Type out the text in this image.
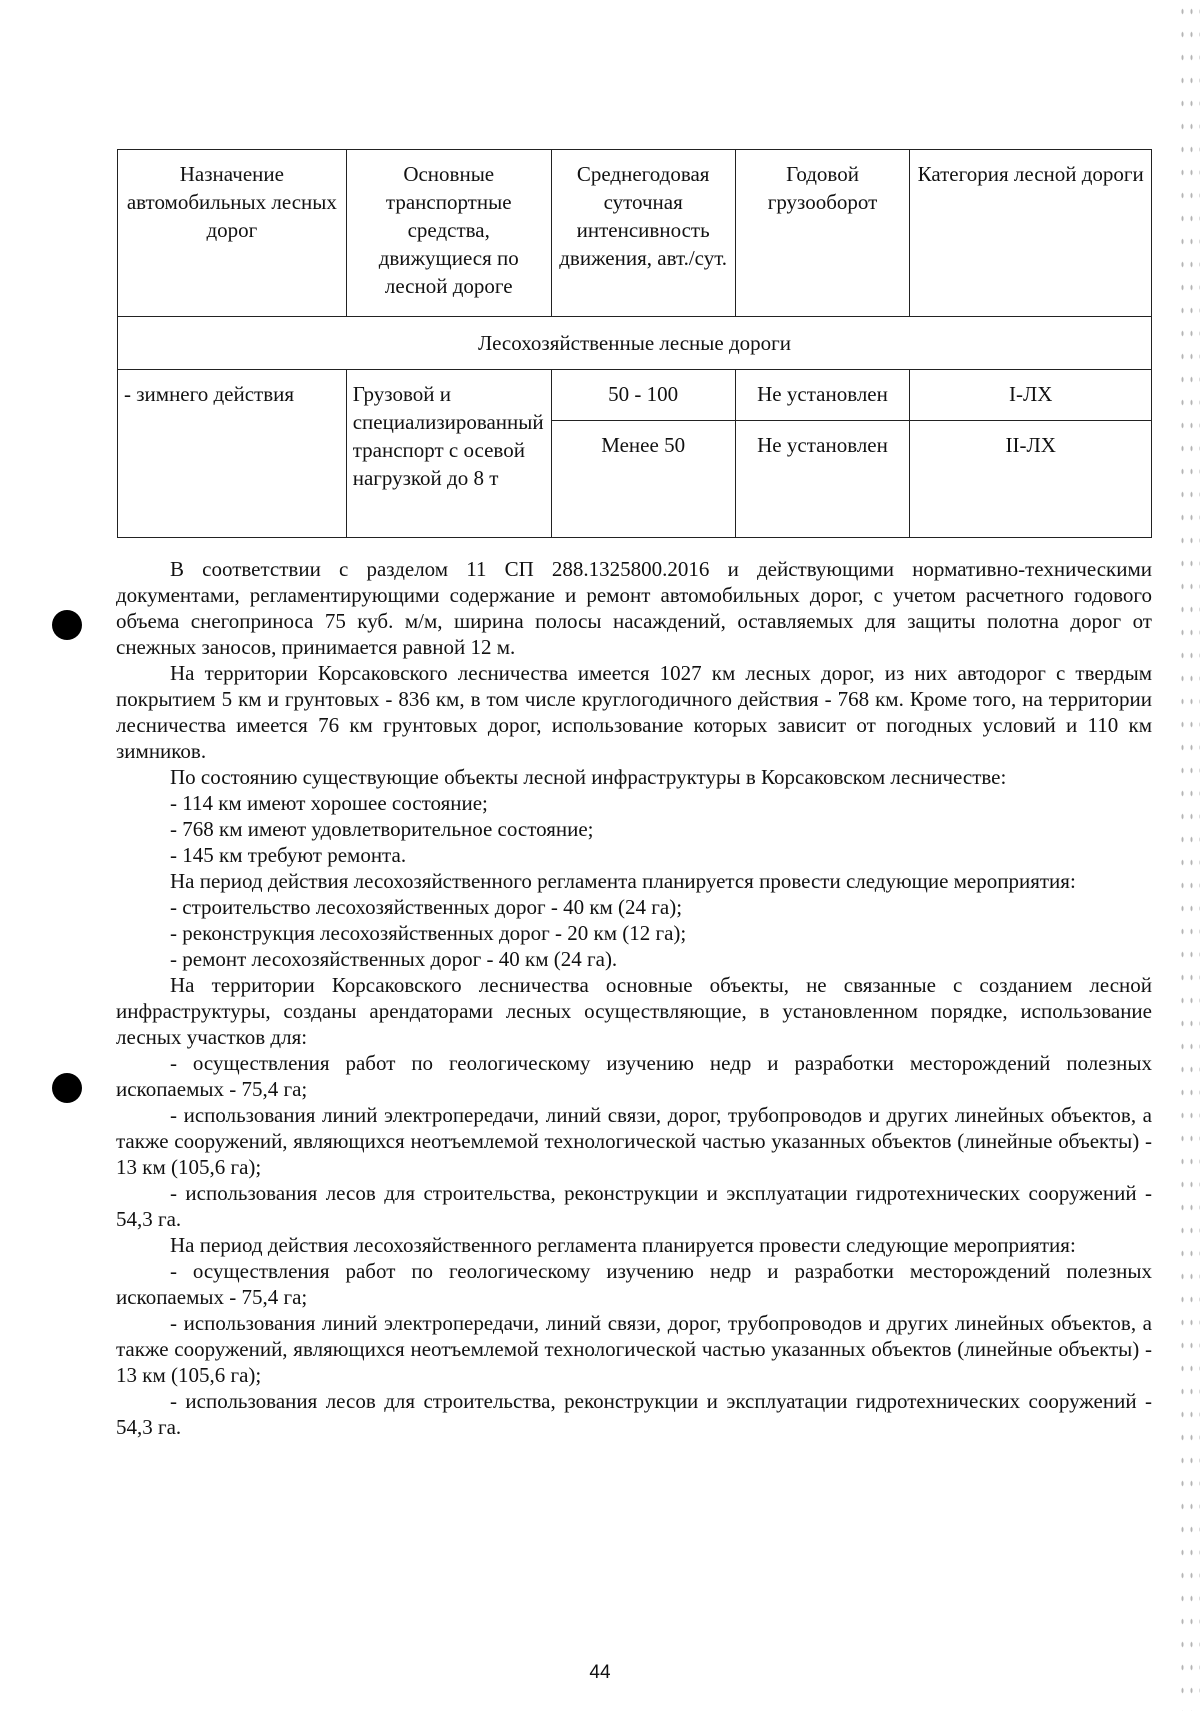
Назначение автомобильных лесных дорог	Основные транспортные средства, движущиеся по лесной дороге	Среднегодовая суточная интенсивность движения, авт./сут.	Годовой грузооборот	Категория лесной дороги
Лесохозяйственные лесные дороги				
- зимнего действия	Грузовой и специализированный транспорт с осевой нагрузкой до 8 т	50 - 100	Не установлен	I-ЛХ
		Менее 50	Не установлен	II-ЛХ

В соответствии с разделом 11 СП 288.1325800.2016 и действующими нормативно-техническими документами, регламентирующими содержание и ремонт автомобильных дорог, с учетом расчетного годового объема снегоприноса 75 куб. м/м, ширина полосы насаждений, оставляемых для защиты полотна дорог от снежных заносов, принимается равной 12 м.

На территории Корсаковского лесничества имеется 1027 км лесных дорог, из них автодорог с твердым покрытием 5 км и грунтовых - 836 км, в том числе круглогодичного действия - 768 км. Кроме того, на территории лесничества имеется 76 км грунтовых дорог, использование которых зависит от погодных условий и 110 км зимников.

По состоянию существующие объекты лесной инфраструктуры в Корсаковском лесничестве:

- 114 км имеют хорошее состояние;

- 768 км имеют удовлетворительное состояние;

- 145 км требуют ремонта.

На период действия лесохозяйственного регламента планируется провести следующие мероприятия:

- строительство лесохозяйственных дорог - 40 км (24 га);

- реконструкция лесохозяйственных дорог - 20 км (12 га);

- ремонт лесохозяйственных дорог - 40 км (24 га).

На территории Корсаковского лесничества основные объекты, не связанные с созданием лесной инфраструктуры, созданы арендаторами лесных осуществляющие, в установленном порядке, использование лесных участков для:

- осуществления работ по геологическому изучению недр и разработки месторождений полезных ископаемых - 75,4 га;

- использования линий электропередачи, линий связи, дорог, трубопроводов и других линейных объектов, а также сооружений, являющихся неотъемлемой технологической частью указанных объектов (линейные объекты) - 13 км (105,6 га);

- использования лесов для строительства, реконструкции и эксплуатации гидротехнических сооружений - 54,3 га.

На период действия лесохозяйственного регламента планируется провести следующие мероприятия:

- осуществления работ по геологическому изучению недр и разработки месторождений полезных ископаемых - 75,4 га;

- использования линий электропередачи, линий связи, дорог, трубопроводов и других линейных объектов, а также сооружений, являющихся неотъемлемой технологической частью указанных объектов (линейные объекты) - 13 км (105,6 га);

- использования лесов для строительства, реконструкции и эксплуатации гидротехнических сооружений - 54,3 га.

44
